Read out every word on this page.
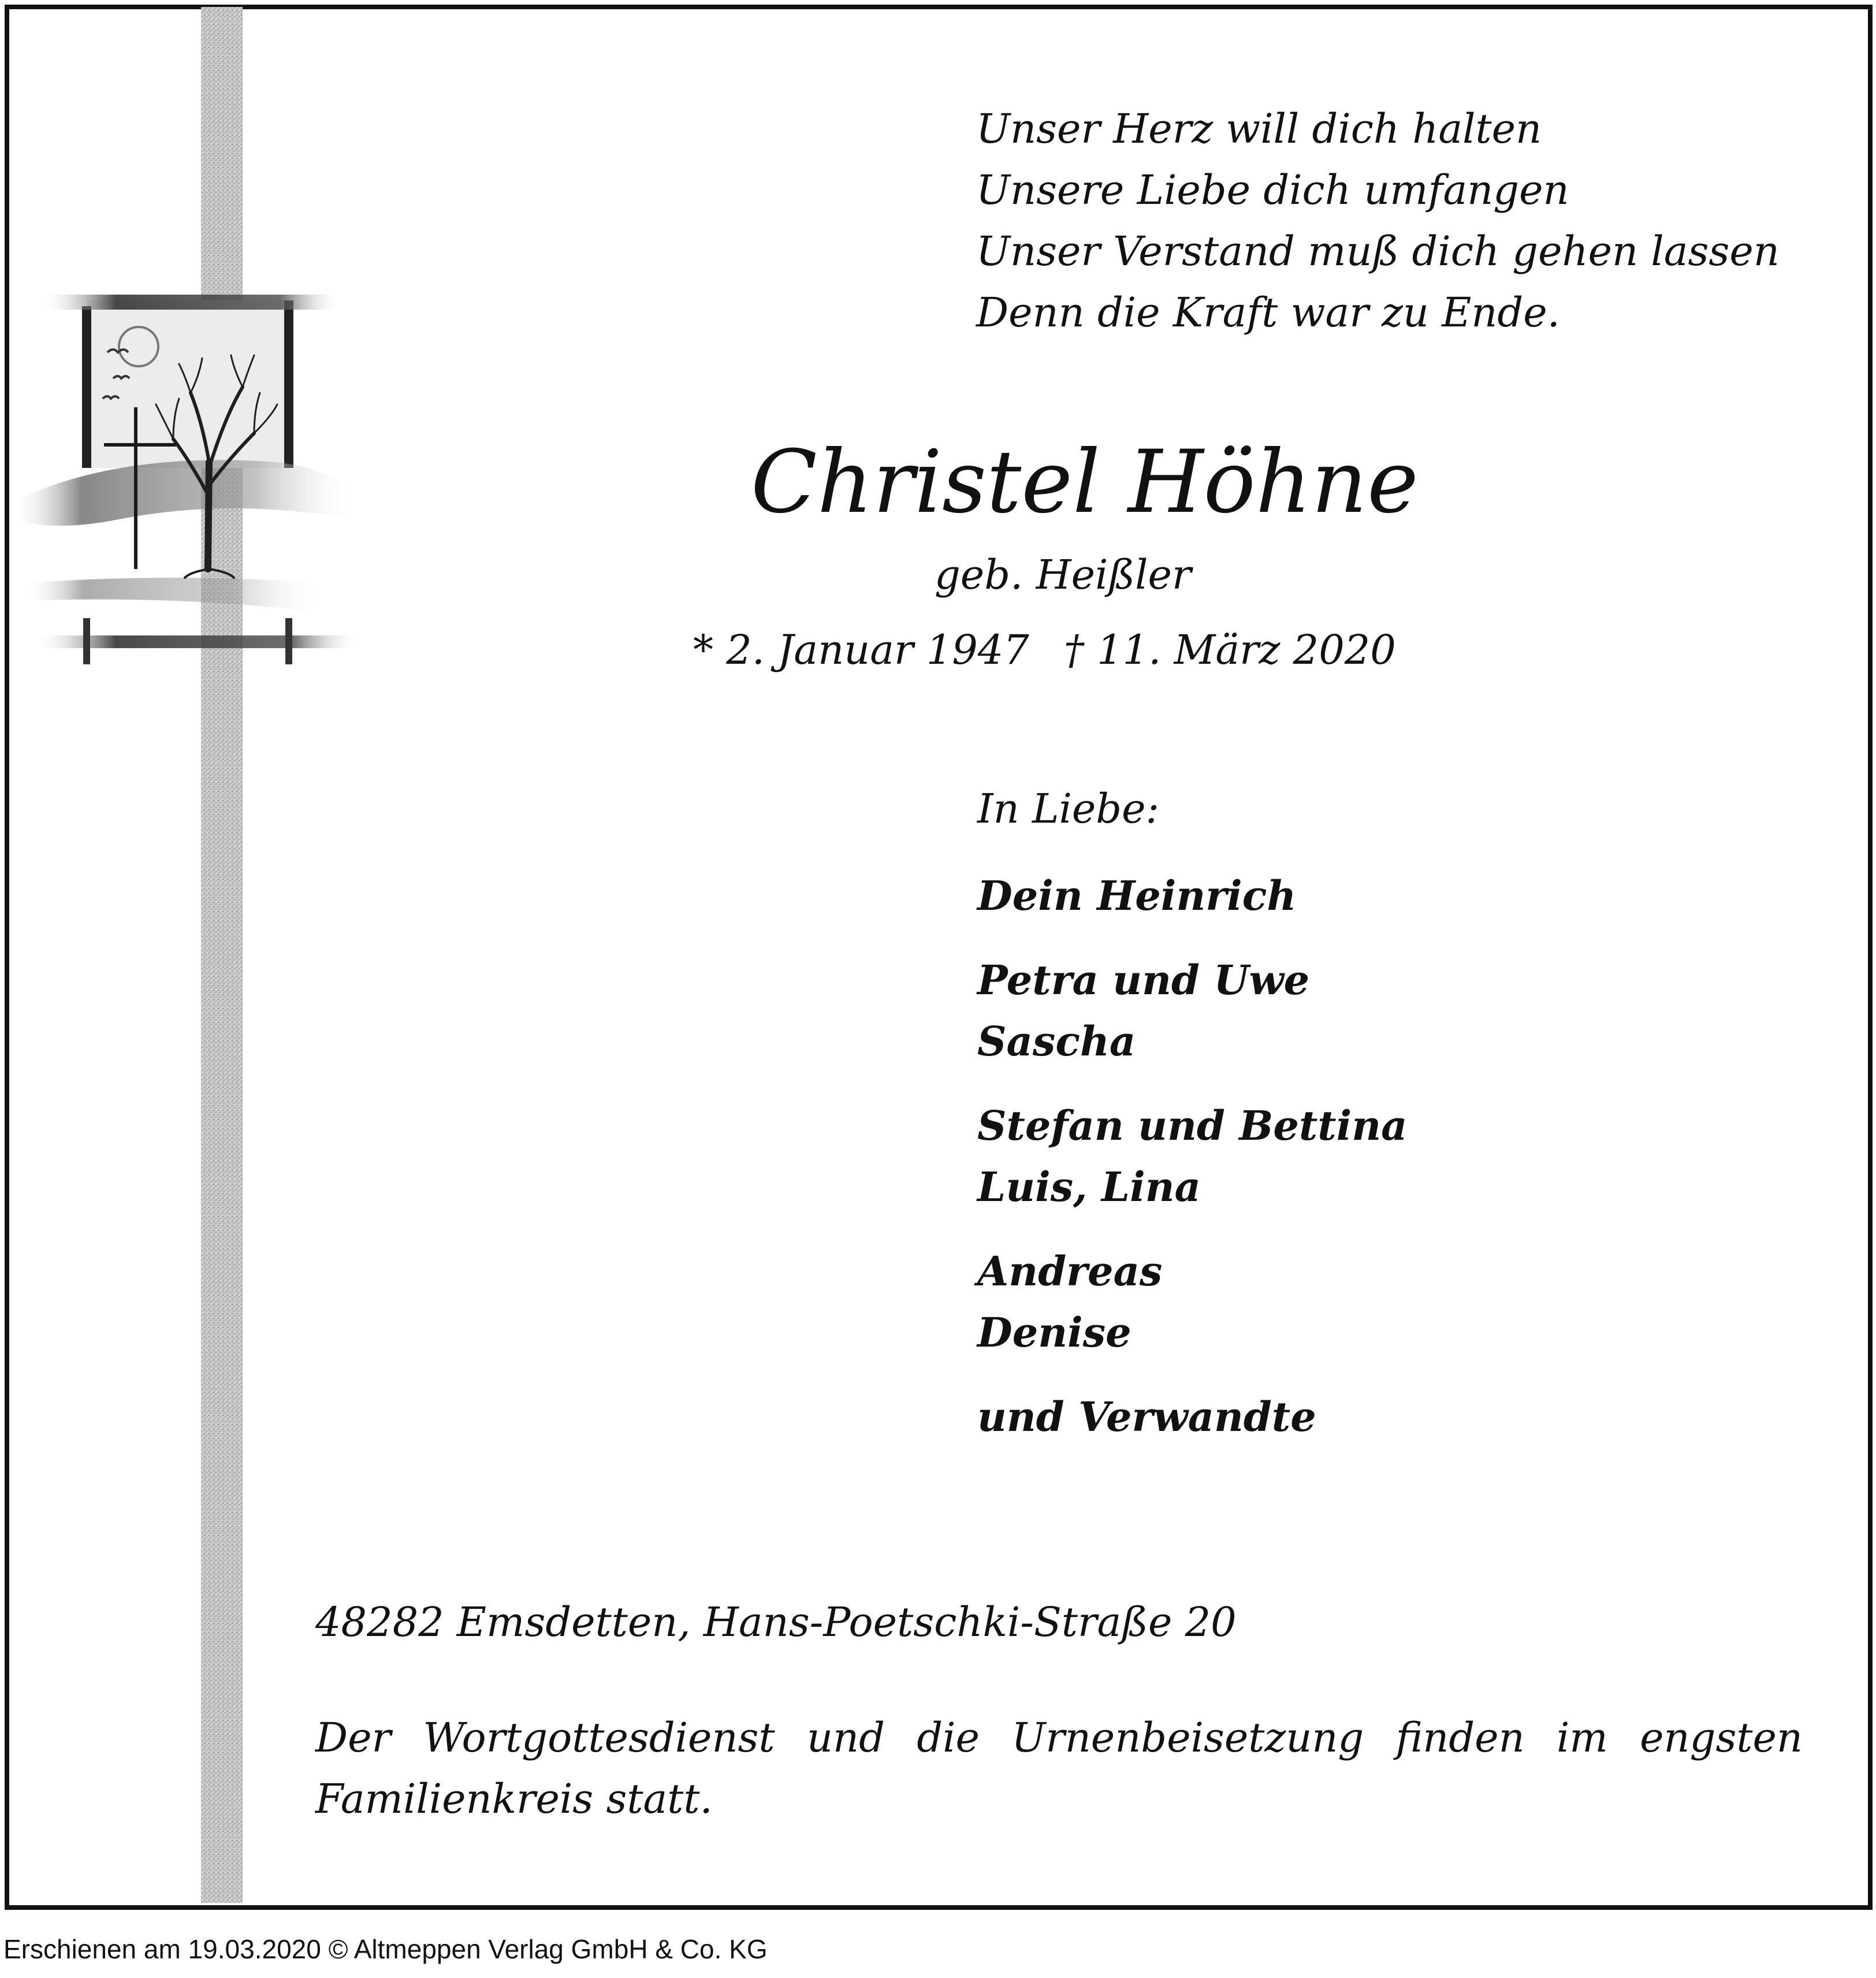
Unser Herz will dich halten
Unsere Liebe dich umfangen
Unser Verstand muß dich gehen lassen
Denn die Kraft war zu Ende.
Christel Höhne
geb. Heißler
* 2. Januar 1947 † 11. März 2020
In Liebe:
Dein Heinrich
Petra und Uwe
Sascha
Stefan und Bettina
Luis, Lina
Andreas
Denise
und Verwandte
48282 Emsdetten, Hans-Poetschki-Straße 20
Der Wortgottesdienst und die Urnenbeisetzung finden im engsten Familienkreis statt.
Erschienen am 19.03.2020 © Altmeppen Verlag GmbH & Co. KG
